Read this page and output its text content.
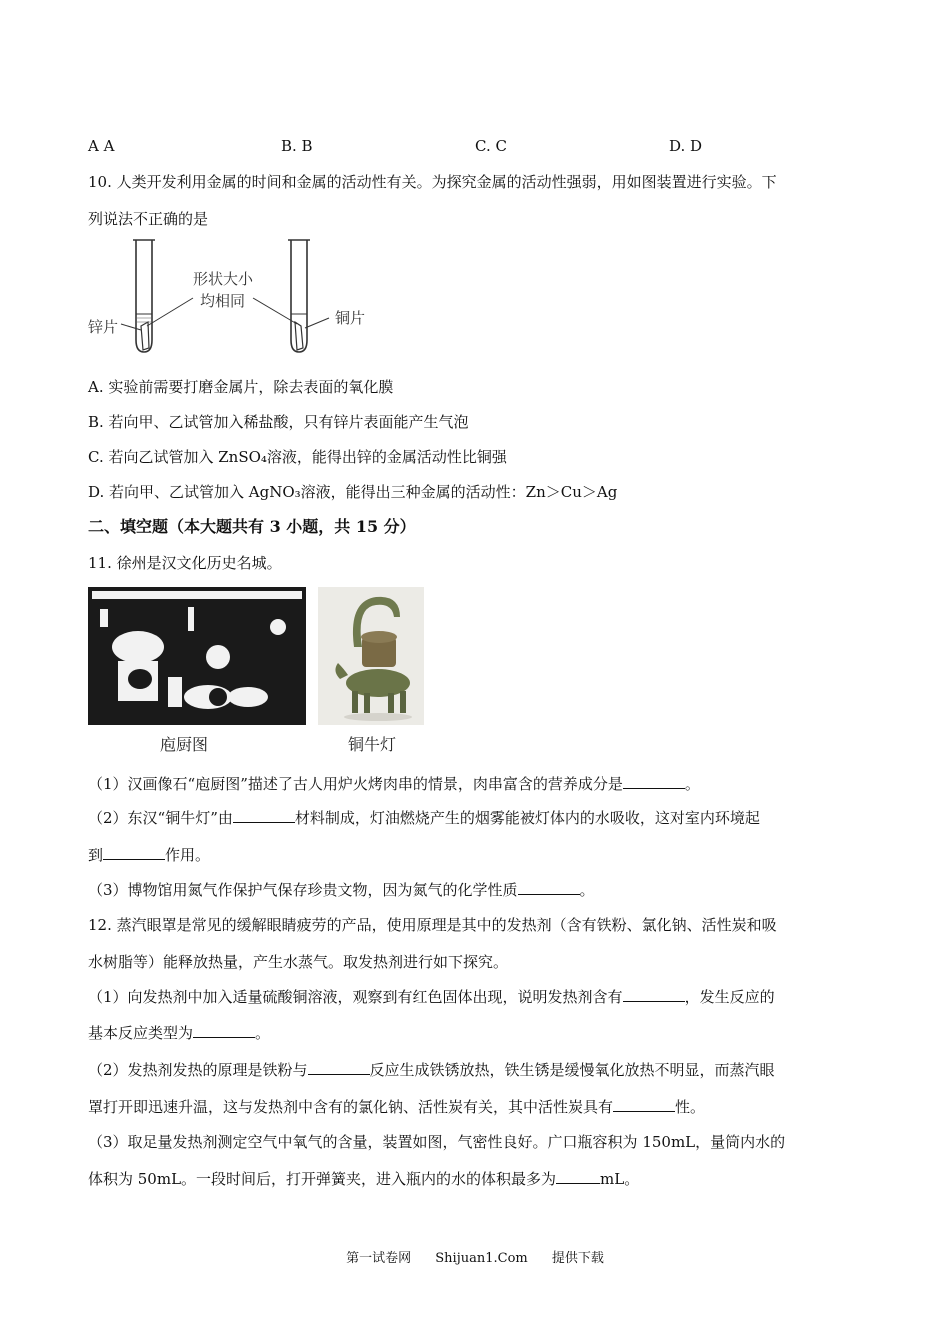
A A	B. B	C. C	D. D
10. 人类开发利用金属的时间和金属的活动性有关。为探究金属的活动性强弱，用如图装置进行实验。下
列说法不正确的是
形状大小
均相同
锌片	铜片
A. 实验前需要打磨金属片，除去表面的氧化膜
B. 若向甲、乙试管加入稀盐酸，只有锌片表面能产生气泡
C. 若向乙试管加入 ZnSO₄溶液，能得出锌的金属活动性比铜强
D. 若向甲、乙试管加入 AgNO₃溶液，能得出三种金属的活动性：Zn＞Cu＞Ag
二、填空题（本大题共有 3 小题，共 15 分）
11. 徐州是汉文化历史名城。
庖厨图	铜牛灯
（1）汉画像石“庖厨图”描述了古人用炉火烤肉串的情景，肉串富含的营养成分是	。
（2）东汉“铜牛灯”由	材料制成，灯油燃烧产生的烟雾能被灯体内的水吸收，这对室内环境起
到	作用。
（3）博物馆用氮气作保护气保存珍贵文物，因为氮气的化学性质	。
12. 蒸汽眼罩是常见的缓解眼睛疲劳的产品，使用原理是其中的发热剂（含有铁粉、氯化钠、活性炭和吸
水树脂等）能释放热量，产生水蒸气。取发热剂进行如下探究。
（1）向发热剂中加入适量硫酸铜溶液，观察到有红色固体出现，说明发热剂含有	，发生反应的
基本反应类型为	。
（2）发热剂发热的原理是铁粉与	反应生成铁锈放热，铁生锈是缓慢氧化放热不明显，而蒸汽眼
罩打开即迅速升温，这与发热剂中含有的氯化钠、活性炭有关，其中活性炭具有	性。
（3）取足量发热剂测定空气中氧气的含量，装置如图，气密性良好。广口瓶容积为 150mL，量筒内水的
体积为 50mL。一段时间后，打开弹簧夹，进入瓶内的水的体积最多为	mL。
第一试卷网 Shijuan1.Com 提供下载
